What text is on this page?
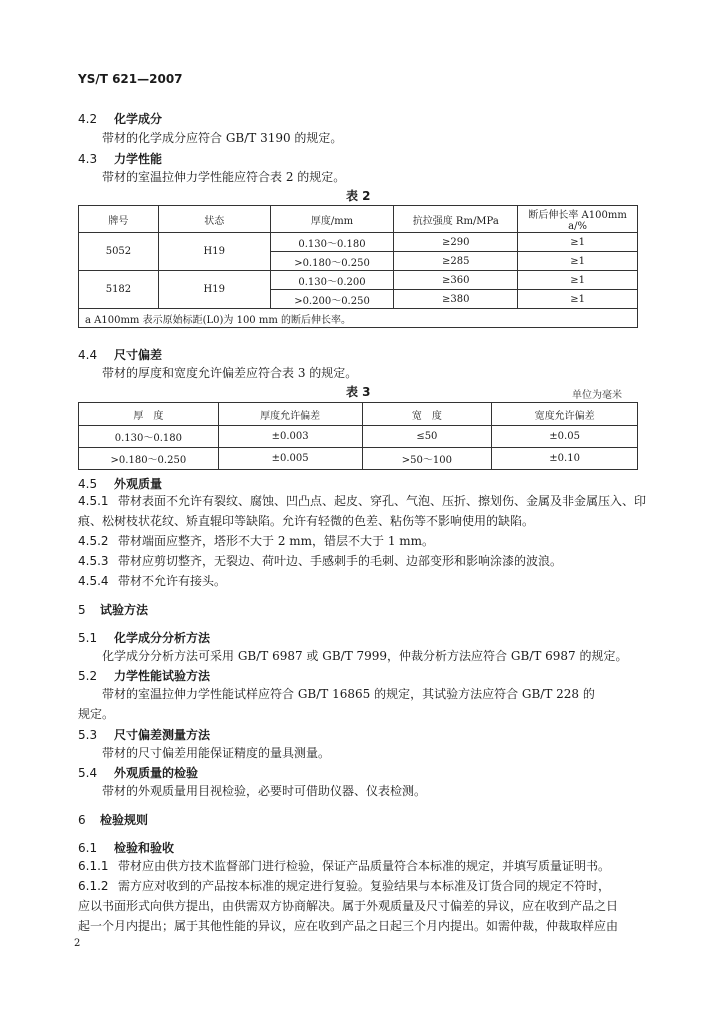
YS/T 621—2007
4.2 化学成分
带材的化学成分应符合 GB/T 3190 的规定。
4.3 力学性能
带材的室温拉伸力学性能应符合表 2 的规定。
表 2
牌号	状态	厚度/mm	抗拉强度 Rm/MPa	断后伸长率 A100mm a/%
5052	H19	0.130～0.180	≥290	≥1
		>0.180～0.250	≥285	≥1
5182	H19	0.130～0.200	≥360	≥1
		>0.200～0.250	≥380	≥1
a A100mm 表示原始标距(L0)为 100 mm 的断后伸长率。				
4.4 尺寸偏差
带材的厚度和宽度允许偏差应符合表 3 的规定。
表 3	单位为毫米
厚　度	厚度允许偏差	宽　度	宽度允许偏差
0.130～0.180	±0.003	≤50	±0.05
>0.180～0.250	±0.005	>50～100	±0.10
4.5 外观质量
4.5.1 带材表面不允许有裂纹、腐蚀、凹凸点、起皮、穿孔、气泡、压折、擦划伤、金属及非金属压入、印
痕、松树枝状花纹、矫直辊印等缺陷。允许有轻微的色差、粘伤等不影响使用的缺陷。
4.5.2 带材端面应整齐，塔形不大于 2 mm，错层不大于 1 mm。
4.5.3 带材应剪切整齐，无裂边、荷叶边、手感刺手的毛刺、边部变形和影响涂漆的波浪。
4.5.4 带材不允许有接头。
5 试验方法
5.1 化学成分分析方法
化学成分分析方法可采用 GB/T 6987 或 GB/T 7999，仲裁分析方法应符合 GB/T 6987 的规定。
5.2 力学性能试验方法
带材的室温拉伸力学性能试样应符合 GB/T 16865 的规定，其试验方法应符合 GB/T 228 的
规定。
5.3 尺寸偏差测量方法
带材的尺寸偏差用能保证精度的量具测量。
5.4 外观质量的检验
带材的外观质量用目视检验，必要时可借助仪器、仪表检测。
6 检验规则
6.1 检验和验收
6.1.1 带材应由供方技术监督部门进行检验，保证产品质量符合本标准的规定，并填写质量证明书。
6.1.2 需方应对收到的产品按本标准的规定进行复验。复验结果与本标准及订货合同的规定不符时，
应以书面形式向供方提出，由供需双方协商解决。属于外观质量及尺寸偏差的异议，应在收到产品之日
起一个月内提出；属于其他性能的异议，应在收到产品之日起三个月内提出。如需仲裁，仲裁取样应由
2
